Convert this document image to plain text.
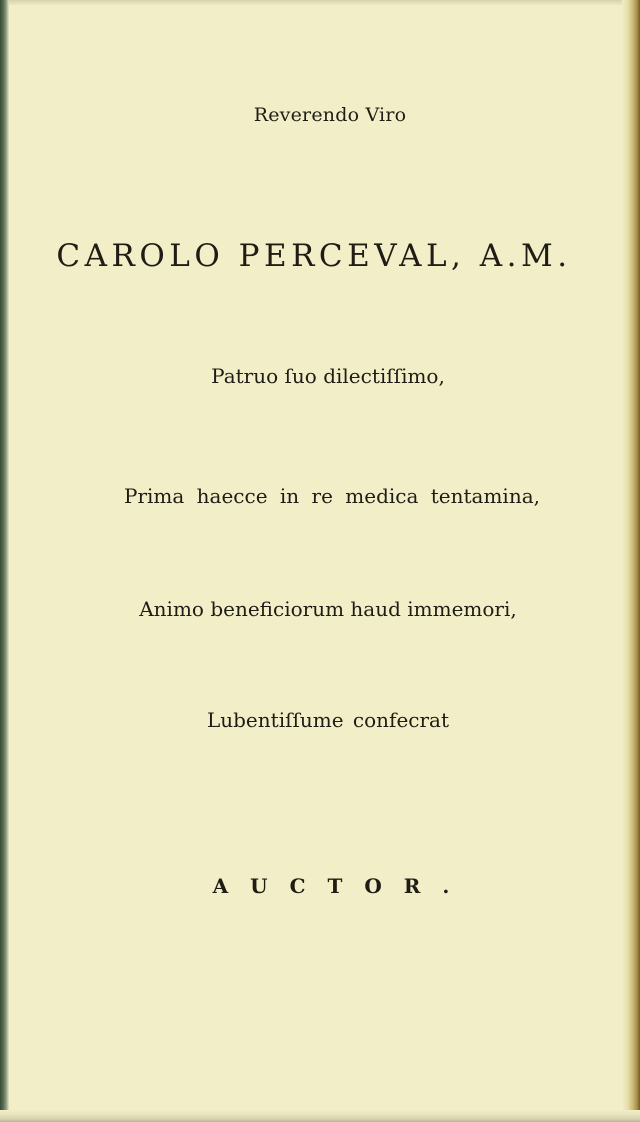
Reverendo Viro

CAROLO PERCEVAL, A.M.

Patruo ſuo dilectiſſimo,

Prima haecce in re medica tentamina,

Animo beneficiorum haud immemori,

Lubentiſſume confecrat

AUCTOR.
